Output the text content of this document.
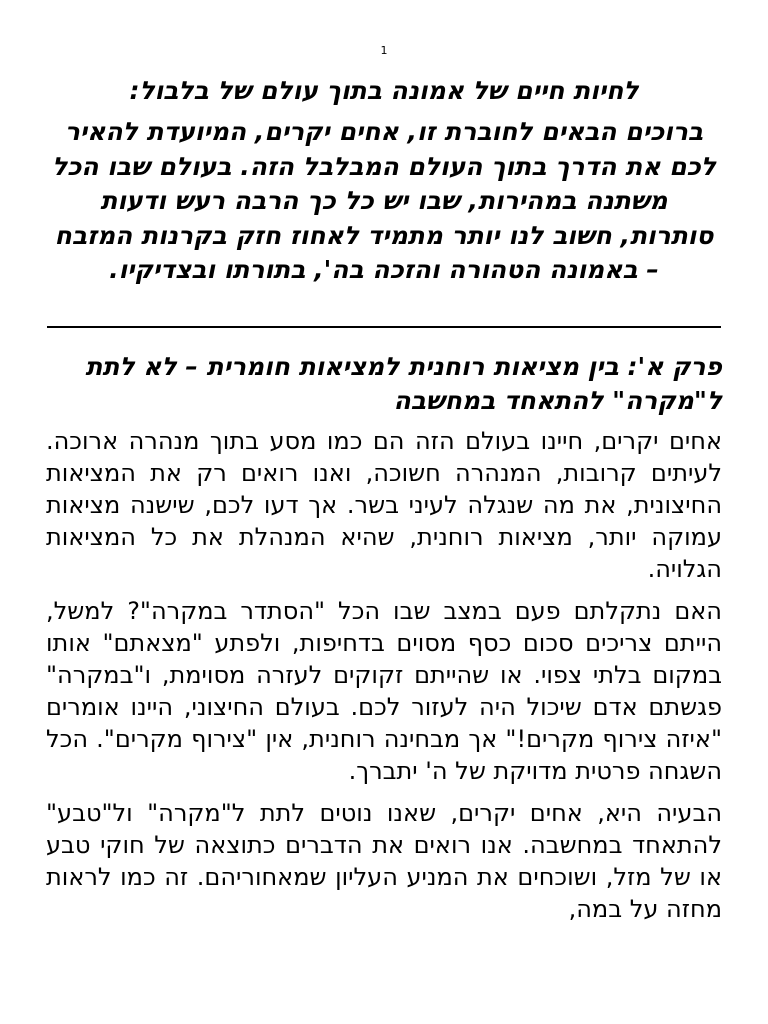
1
לחיות חיים של אמונה בתוך עולם של בלבול:

ברוכים הבאים לחוברת זו, אחים יקרים, המיועדת להאיר לכם את הדרך בתוך העולם המבלבל הזה. בעולם שבו הכל משתנה במהירות, שבו יש כל כך הרבה רעש ודעות סותרות, חשוב לנו יותר מתמיד לאחוז חזק בקרנות המזבח – באמונה הטהורה והזכה בה', בתורתו ובצדיקיו.

פרק א': בין מציאות רוחנית למציאות חומרית – לא לתת ל"מקרה" להתאחד במחשבה

אחים יקרים, חיינו בעולם הזה הם כמו מסע בתוך מנהרה ארוכה. לעיתים קרובות, המנהרה חשוכה, ואנו רואים רק את המציאות החיצונית, את מה שנגלה לעיני בשר. אך דעו לכם, שישנה מציאות עמוקה יותר, מציאות רוחנית, שהיא המנהלת את כל המציאות הגלויה.

האם נתקלתם פעם במצב שבו הכל "הסתדר במקרה"? למשל, הייתם צריכים סכום כסף מסוים בדחיפות, ולפתע "מצאתם" אותו במקום בלתי צפוי. או שהייתם זקוקים לעזרה מסוימת, ו"במקרה" פגשתם אדם שיכול היה לעזור לכם. בעולם החיצוני, היינו אומרים "איזה צירוף מקרים!" אך מבחינה רוחנית, אין "צירוף מקרים". הכל השגחה פרטית מדויקת של ה' יתברך.

הבעיה היא, אחים יקרים, שאנו נוטים לתת ל"מקרה" ול"טבע" להתאחד במחשבה. אנו רואים את הדברים כתוצאה של חוקי טבע או של מזל, ושוכחים את המניע העליון שמאחוריהם. זה כמו לראות מחזה על במה,
